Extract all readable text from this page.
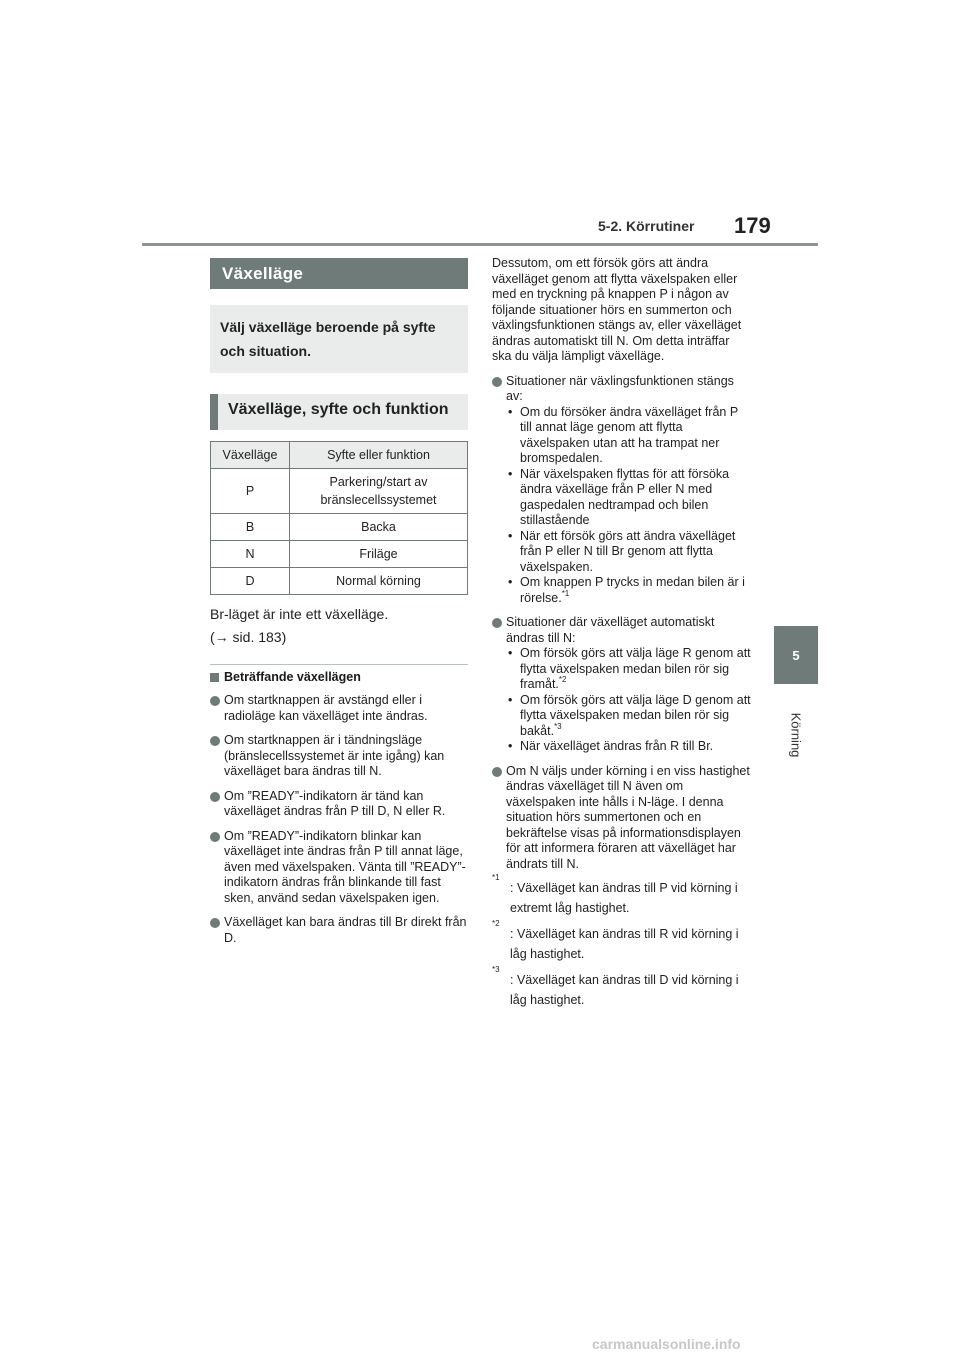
5-2. Körrutiner 179
5
Körning
Växelläge
Välj växelläge beroende på syfte och situation.
Växelläge, syfte och funktion
Växelläge	Syfte eller funktion
P	Parkering/start av bränslecellssystemet
B	Backa
N	Friläge
D	Normal körning
Br-läget är inte ett växelläge.
(→ sid. 183)
Beträffande växellägen
Om startknappen är avstängd eller i radioläge kan växelläget inte ändras.
Om startknappen är i tändningsläge (bränslecellssystemet är inte igång) kan växelläget bara ändras till N.
Om ”READY”-indikatorn är tänd kan växelläget ändras från P till D, N eller R.
Om ”READY”-indikatorn blinkar kan växelläget inte ändras från P till annat läge, även med växelspaken. Vänta till ”READY”-indikatorn ändras från blinkande till fast sken, använd sedan växelspaken igen.
Växelläget kan bara ändras till Br direkt från D.
Dessutom, om ett försök görs att ändra växelläget genom att flytta växelspaken eller med en tryckning på knappen P i någon av följande situationer hörs en summerton och växlingsfunktionen stängs av, eller växelläget ändras automatiskt till N. Om detta inträffar ska du välja lämpligt växelläge.
Situationer när växlingsfunktionen stängs av:
• Om du försöker ändra växelläget från P till annat läge genom att flytta växelspaken utan att ha trampat ner bromspedalen.
• När växelspaken flyttas för att försöka ändra växelläge från P eller N med gaspedalen nedtrampad och bilen stillastående
• När ett försök görs att ändra växelläget från P eller N till Br genom att flytta växelspaken.
• Om knappen P trycks in medan bilen är i rörelse.$^{*1}$
Situationer där växelläget automatiskt ändras till N:
• Om försök görs att välja läge R genom att flytta växelspaken medan bilen rör sig framåt.$^{*2}$
• Om försök görs att välja läge D genom att flytta växelspaken medan bilen rör sig bakåt.$^{*3}$
• När växelläget ändras från R till Br.
Om N väljs under körning i en viss hastighet ändras växelläget till N även om växelspaken inte hålls i N-läge. I denna situation hörs summertonen och en bekräftelse visas på informationsdisplayen för att informera föraren att växelläget har ändrats till N.
*1
: Växelläget kan ändras till P vid körning i extremt låg hastighet.
*2
: Växelläget kan ändras till R vid körning i låg hastighet.
*3
: Växelläget kan ändras till D vid körning i låg hastighet.
carmanualsonline.info
